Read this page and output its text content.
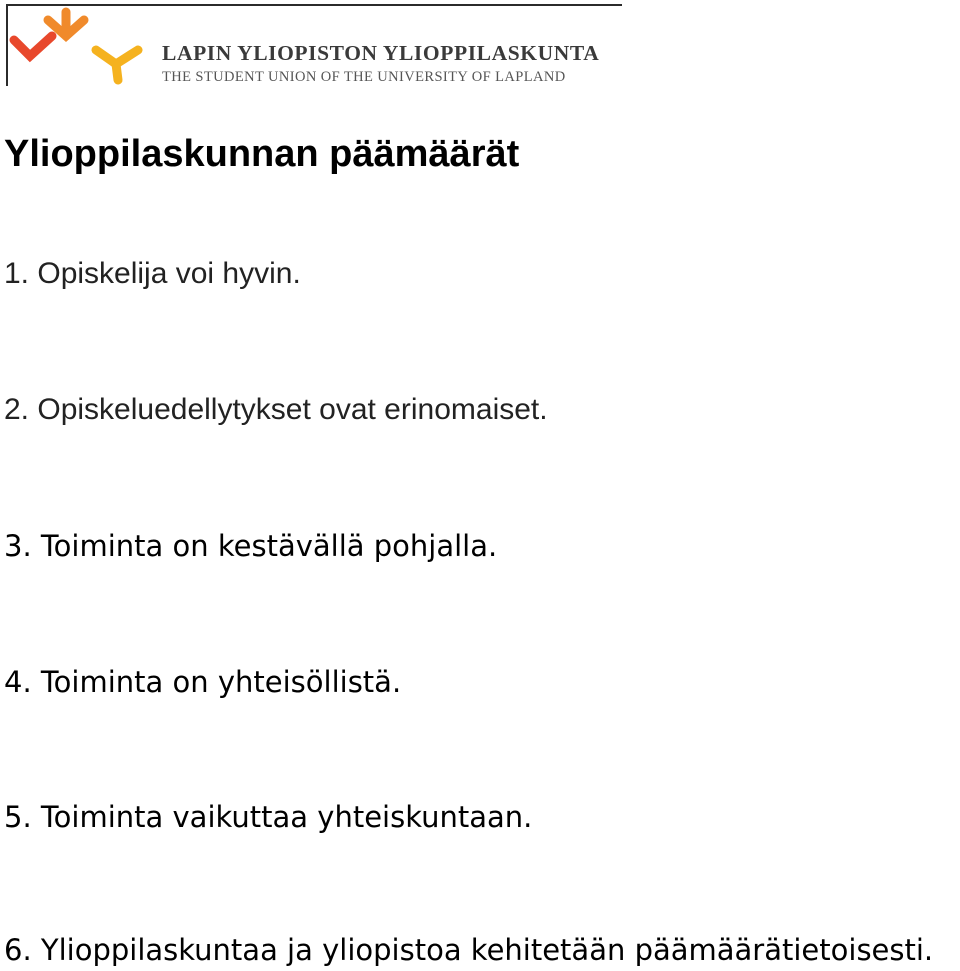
LAPIN YLIOPISTON YLIOPPILASKUNTA
THE STUDENT UNION OF THE UNIVERSITY OF LAPLAND
Ylioppilaskunnan päämäärät

1. Opiskelija voi hyvin.

2. Opiskeluedellytykset ovat erinomaiset.

3. Toiminta on kestävällä pohjalla.

4. Toiminta on yhteisöllistä.

5. Toiminta vaikuttaa yhteiskuntaan.

6. Ylioppilaskuntaa ja yliopistoa kehitetään päämäärätietoisesti.
